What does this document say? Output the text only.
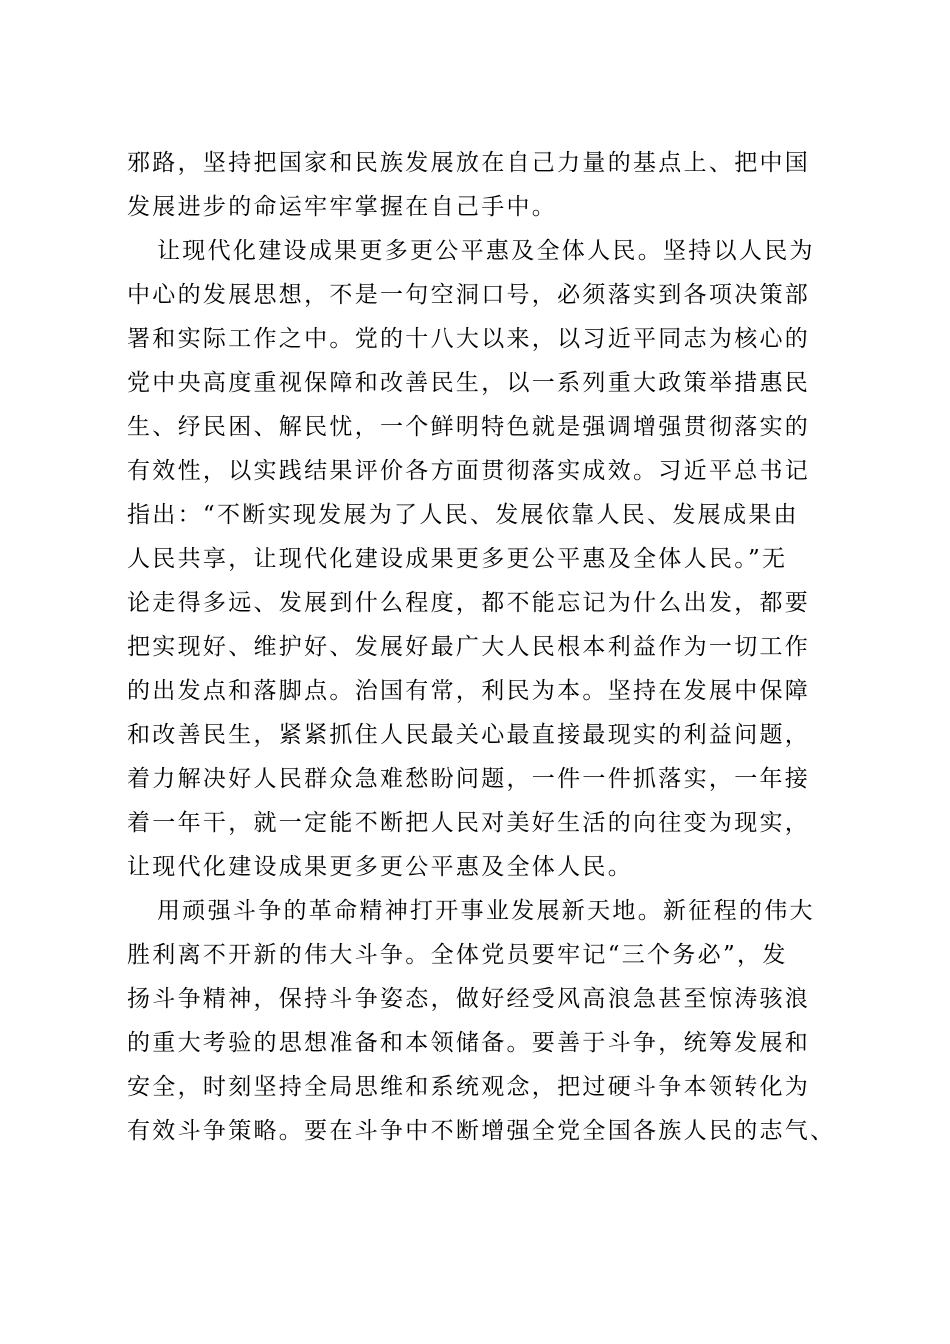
邪路，坚持把国家和民族发展放在自己力量的基点上、把中国
发展进步的命运牢牢掌握在自己手中。
让现代化建设成果更多更公平惠及全体人民。坚持以人民为
中心的发展思想，不是一句空洞口号，必须落实到各项决策部
署和实际工作之中。党的十八大以来，以习近平同志为核心的
党中央高度重视保障和改善民生，以一系列重大政策举措惠民
生、纾民困、解民忧，一个鲜明特色就是强调增强贯彻落实的
有效性，以实践结果评价各方面贯彻落实成效。习近平总书记
指出：“不断实现发展为了人民、发展依靠人民、发展成果由
人民共享，让现代化建设成果更多更公平惠及全体人民。”无
论走得多远、发展到什么程度，都不能忘记为什么出发，都要
把实现好、维护好、发展好最广大人民根本利益作为一切工作
的出发点和落脚点。治国有常，利民为本。坚持在发展中保障
和改善民生，紧紧抓住人民最关心最直接最现实的利益问题，
着力解决好人民群众急难愁盼问题，一件一件抓落实，一年接
着一年干，就一定能不断把人民对美好生活的向往变为现实，
让现代化建设成果更多更公平惠及全体人民。
用顽强斗争的革命精神打开事业发展新天地。新征程的伟大
胜利离不开新的伟大斗争。全体党员要牢记“三个务必”，发
扬斗争精神，保持斗争姿态，做好经受风高浪急甚至惊涛骇浪
的重大考验的思想准备和本领储备。要善于斗争，统筹发展和
安全，时刻坚持全局思维和系统观念，把过硬斗争本领转化为
有效斗争策略。要在斗争中不断增强全党全国各族人民的志气、
